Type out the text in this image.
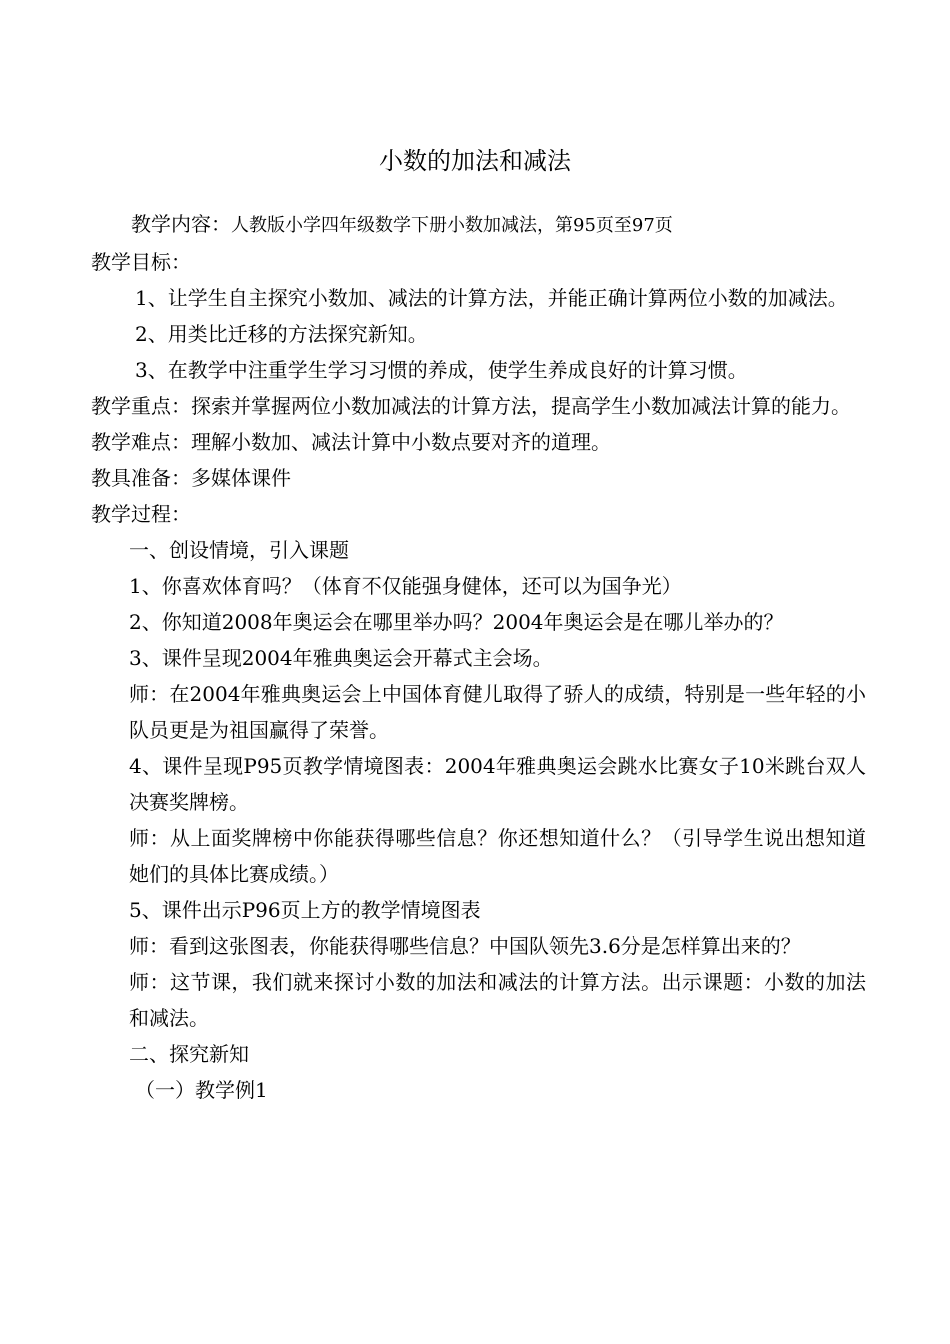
小数的加法和减法

教学内容：人教版小学四年级数学下册小数加减法，第95页至97页

教学目标：

1、让学生自主探究小数加、减法的计算方法，并能正确计算两位小数的加减法。

2、用类比迁移的方法探究新知。

3、在教学中注重学生学习习惯的养成，使学生养成良好的计算习惯。

教学重点：探索并掌握两位小数加减法的计算方法，提高学生小数加减法计算的能力。

教学难点：理解小数加、减法计算中小数点要对齐的道理。

教具准备：多媒体课件

教学过程：

一、创设情境，引入课题

1、你喜欢体育吗？（体育不仅能强身健体，还可以为国争光）

2、你知道2008年奥运会在哪里举办吗？2004年奥运会是在哪儿举办的？

3、课件呈现2004年雅典奥运会开幕式主会场。

师：在2004年雅典奥运会上中国体育健儿取得了骄人的成绩，特别是一些年轻的小队员更是为祖国赢得了荣誉。

4、课件呈现P95页教学情境图表：2004年雅典奥运会跳水比赛女子10米跳台双人决赛奖牌榜。

师：从上面奖牌榜中你能获得哪些信息？你还想知道什么？（引导学生说出想知道她们的具体比赛成绩。）

5、课件出示P96页上方的教学情境图表

师：看到这张图表，你能获得哪些信息？中国队领先3.6分是怎样算出来的？

师：这节课，我们就来探讨小数的加法和减法的计算方法。出示课题：小数的加法和减法。

二、探究新知

（一）教学例1
